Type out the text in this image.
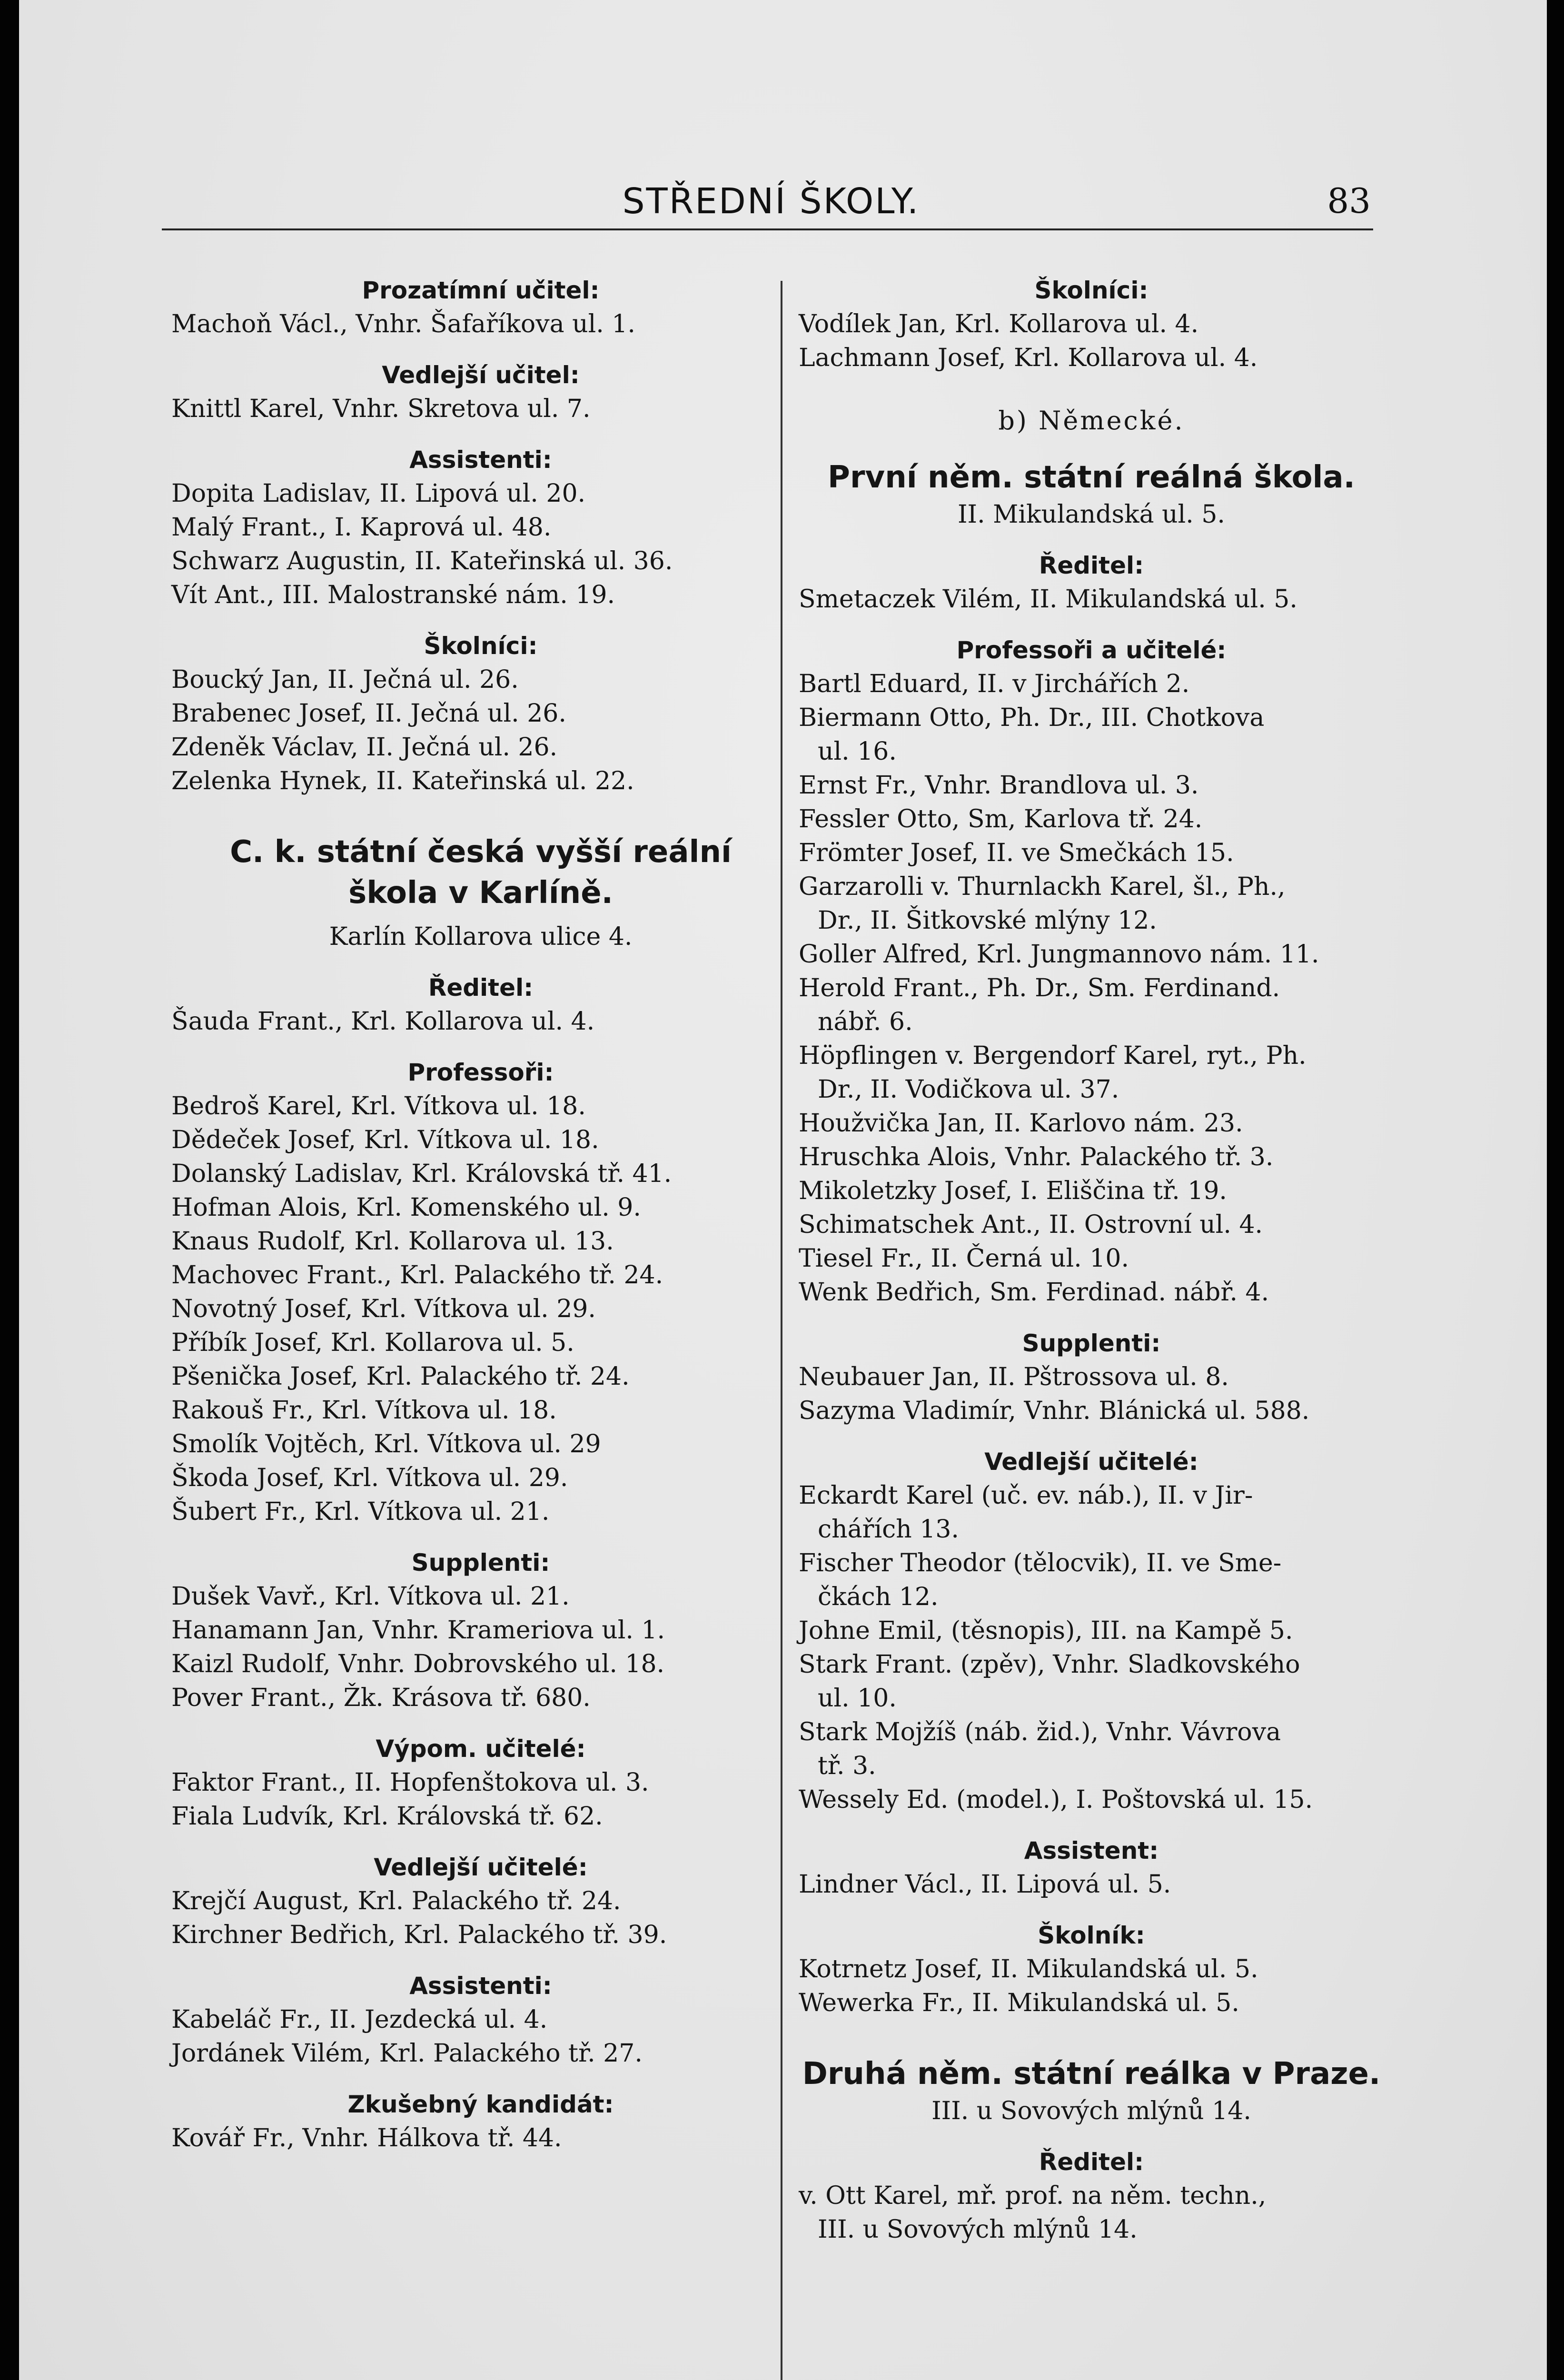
STŘEDNÍ ŠKOLY.	83
Prozatímní učitel:
Machoň Václ., Vnhr. Šafaříkova ul. 1.
Vedlejší učitel:
Knittl Karel, Vnhr. Skretova ul. 7.
Assistenti:
Dopita Ladislav, II. Lipová ul. 20.
Malý Frant., I. Kaprová ul. 48.
Schwarz Augustin, II. Kateřinská ul. 36.
Vít Ant., III. Malostranské nám. 19.
Školníci:
Boucký Jan, II. Ječná ul. 26.
Brabenec Josef, II. Ječná ul. 26.
Zdeněk Václav, II. Ječná ul. 26.
Zelenka Hynek, II. Kateřinská ul. 22.
C. k. státní česká vyšší reální
škola v Karlíně.
Karlín Kollarova ulice 4.
Ředitel:
Šauda Frant., Krl. Kollarova ul. 4.
Professoři:
Bedroš Karel, Krl. Vítkova ul. 18.
Dědeček Josef, Krl. Vítkova ul. 18.
Dolanský Ladislav, Krl. Královská tř. 41.
Hofman Alois, Krl. Komenského ul. 9.
Knaus Rudolf, Krl. Kollarova ul. 13.
Machovec Frant., Krl. Palackého tř. 24.
Novotný Josef, Krl. Vítkova ul. 29.
Příbík Josef, Krl. Kollarova ul. 5.
Pšenička Josef, Krl. Palackého tř. 24.
Rakouš Fr., Krl. Vítkova ul. 18.
Smolík Vojtěch, Krl. Vítkova ul. 29
Škoda Josef, Krl. Vítkova ul. 29.
Šubert Fr., Krl. Vítkova ul. 21.
Supplenti:
Dušek Vavř., Krl. Vítkova ul. 21.
Hanamann Jan, Vnhr. Krameriova ul. 1.
Kaizl Rudolf, Vnhr. Dobrovského ul. 18.
Pover Frant., Žk. Krásova tř. 680.
Výpom. učitelé:
Faktor Frant., II. Hopfenštokova ul. 3.
Fiala Ludvík, Krl. Královská tř. 62.
Vedlejší učitelé:
Krejčí August, Krl. Palackého tř. 24.
Kirchner Bedřich, Krl. Palackého tř. 39.
Assistenti:
Kabeláč Fr., II. Jezdecká ul. 4.
Jordánek Vilém, Krl. Palackého tř. 27.
Zkušebný kandidát:
Kovář Fr., Vnhr. Hálkova tř. 44.
Školníci:
Vodílek Jan, Krl. Kollarova ul. 4.
Lachmann Josef, Krl. Kollarova ul. 4.
b) Německé.
První něm. státní reálná škola.
II. Mikulandská ul. 5.
Ředitel:
Smetaczek Vilém, II. Mikulandská ul. 5.
Professoři a učitelé:
Bartl Eduard, II. v Jirchářích 2.
Biermann Otto, Ph. Dr., III. Chotkova
ul. 16.
Ernst Fr., Vnhr. Brandlova ul. 3.
Fessler Otto, Sm, Karlova tř. 24.
Frömter Josef, II. ve Smečkách 15.
Garzarolli v. Thurnlackh Karel, šl., Ph.,
Dr., II. Šitkovské mlýny 12.
Goller Alfred, Krl. Jungmannovo nám. 11.
Herold Frant., Ph. Dr., Sm. Ferdinand.
nábř. 6.
Höpflingen v. Bergendorf Karel, ryt., Ph.
Dr., II. Vodičkova ul. 37.
Houžvička Jan, II. Karlovo nám. 23.
Hruschka Alois, Vnhr. Palackého tř. 3.
Mikoletzky Josef, I. Eliščina tř. 19.
Schimatschek Ant., II. Ostrovní ul. 4.
Tiesel Fr., II. Černá ul. 10.
Wenk Bedřich, Sm. Ferdinad. nábř. 4.
Supplenti:
Neubauer Jan, II. Pštrossova ul. 8.
Sazyma Vladimír, Vnhr. Blánická ul. 588.
Vedlejší učitelé:
Eckardt Karel (uč. ev. náb.), II. v Jir-
chářích 13.
Fischer Theodor (tělocvik), II. ve Sme-
čkách 12.
Johne Emil, (těsnopis), III. na Kampě 5.
Stark Frant. (zpěv), Vnhr. Sladkovského
ul. 10.
Stark Mojžíš (náb. žid.), Vnhr. Vávrova
tř. 3.
Wessely Ed. (model.), I. Poštovská ul. 15.
Assistent:
Lindner Václ., II. Lipová ul. 5.
Školník:
Kotrnetz Josef, II. Mikulandská ul. 5.
Wewerka Fr., II. Mikulandská ul. 5.
Druhá něm. státní reálka v Praze.
III. u Sovových mlýnů 14.
Ředitel:
v. Ott Karel, mř. prof. na něm. techn.,
III. u Sovových mlýnů 14.
